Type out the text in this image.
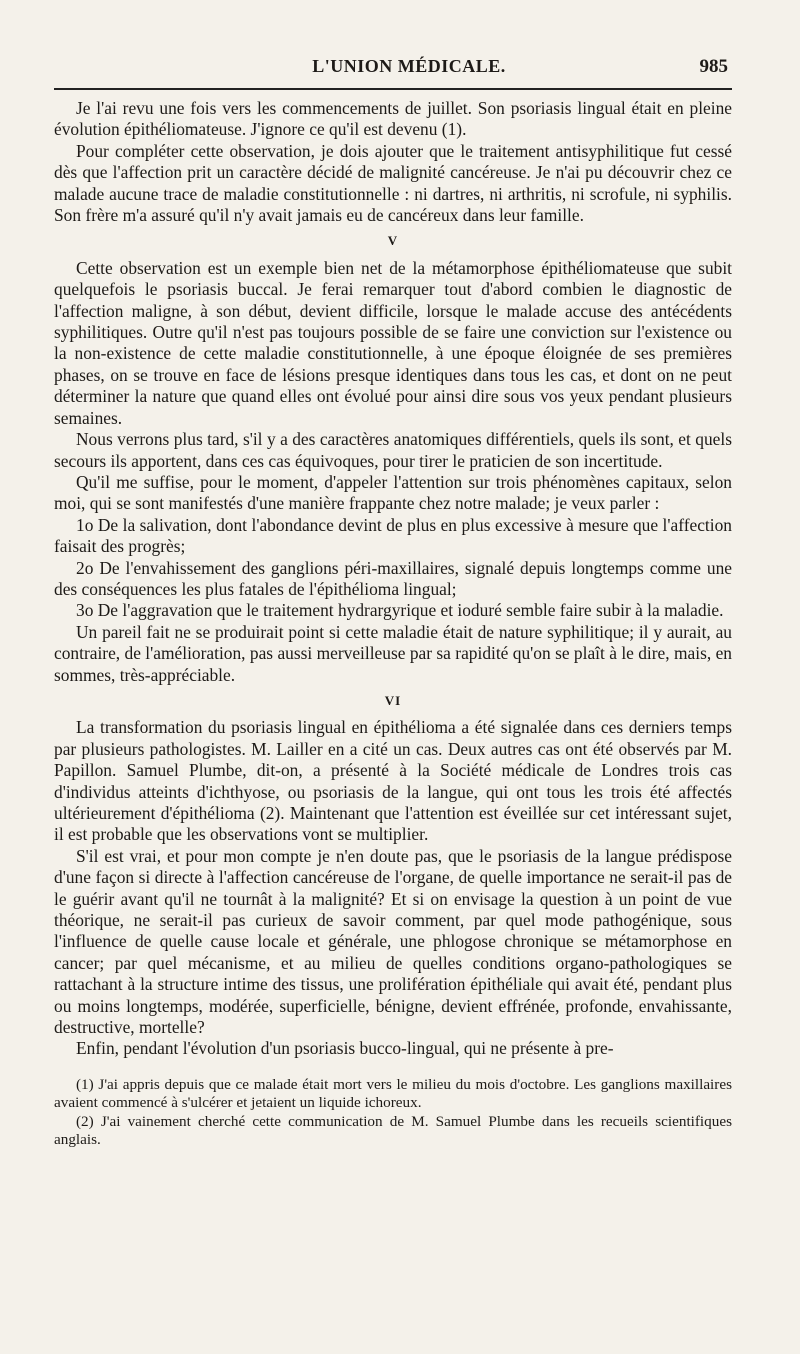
L'UNION MÉDICALE.	985

Je l'ai revu une fois vers les commencements de juillet. Son psoriasis lingual était en pleine évolution épithéliomateuse. J'ignore ce qu'il est devenu (1).

Pour compléter cette observation, je dois ajouter que le traitement antisyphilitique fut cessé dès que l'affection prit un caractère décidé de malignité cancéreuse. Je n'ai pu découvrir chez ce malade aucune trace de maladie constitutionnelle : ni dartres, ni arthritis, ni scrofule, ni syphilis. Son frère m'a assuré qu'il n'y avait jamais eu de cancéreux dans leur famille.

V

Cette observation est un exemple bien net de la métamorphose épithéliomateuse que subit quelquefois le psoriasis buccal. Je ferai remarquer tout d'abord combien le diagnostic de l'affection maligne, à son début, devient difficile, lorsque le malade accuse des antécédents syphilitiques. Outre qu'il n'est pas toujours possible de se faire une conviction sur l'existence ou la non-existence de cette maladie constitutionnelle, à une époque éloignée de ses premières phases, on se trouve en face de lésions presque identiques dans tous les cas, et dont on ne peut déterminer la nature que quand elles ont évolué pour ainsi dire sous vos yeux pendant plusieurs semaines.

Nous verrons plus tard, s'il y a des caractères anatomiques différentiels, quels ils sont, et quels secours ils apportent, dans ces cas équivoques, pour tirer le praticien de son incertitude.

Qu'il me suffise, pour le moment, d'appeler l'attention sur trois phénomènes capitaux, selon moi, qui se sont manifestés d'une manière frappante chez notre malade; je veux parler :

1o De la salivation, dont l'abondance devint de plus en plus excessive à mesure que l'affection faisait des progrès;

2o De l'envahissement des ganglions péri-maxillaires, signalé depuis longtemps comme une des conséquences les plus fatales de l'épithélioma lingual;

3o De l'aggravation que le traitement hydrargyrique et ioduré semble faire subir à la maladie.

Un pareil fait ne se produirait point si cette maladie était de nature syphilitique; il y aurait, au contraire, de l'amélioration, pas aussi merveilleuse par sa rapidité qu'on se plaît à le dire, mais, en sommes, très-appréciable.

VI

La transformation du psoriasis lingual en épithélioma a été signalée dans ces derniers temps par plusieurs pathologistes. M. Lailler en a cité un cas. Deux autres cas ont été observés par M. Papillon. Samuel Plumbe, dit-on, a présenté à la Société médicale de Londres trois cas d'individus atteints d'ichthyose, ou psoriasis de la langue, qui ont tous les trois été affectés ultérieurement d'épithélioma (2). Maintenant que l'attention est éveillée sur cet intéressant sujet, il est probable que les observations vont se multiplier.

S'il est vrai, et pour mon compte je n'en doute pas, que le psoriasis de la langue prédispose d'une façon si directe à l'affection cancéreuse de l'organe, de quelle importance ne serait-il pas de le guérir avant qu'il ne tournât à la malignité? Et si on envisage la question à un point de vue théorique, ne serait-il pas curieux de savoir comment, par quel mode pathogénique, sous l'influence de quelle cause locale et générale, une phlogose chronique se métamorphose en cancer; par quel mécanisme, et au milieu de quelles conditions organo-pathologiques se rattachant à la structure intime des tissus, une prolifération épithéliale qui avait été, pendant plus ou moins longtemps, modérée, superficielle, bénigne, devient effrénée, profonde, envahissante, destructive, mortelle?

Enfin, pendant l'évolution d'un psoriasis bucco-lingual, qui ne présente à pre-

(1) J'ai appris depuis que ce malade était mort vers le milieu du mois d'octobre. Les ganglions maxillaires avaient commencé à s'ulcérer et jetaient un liquide ichoreux.

(2) J'ai vainement cherché cette communication de M. Samuel Plumbe dans les recueils scientifiques anglais.
